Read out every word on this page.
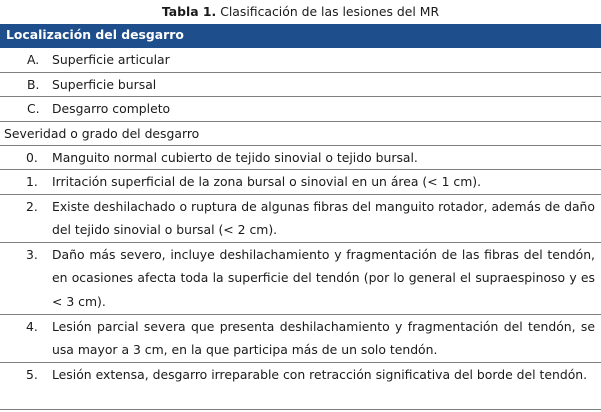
Tabla 1. Clasificación de las lesiones del MR
Localización del desgarro
A. Superficie articular
B. Superficie bursal
C. Desgarro completo
Severidad o grado del desgarro
0. Manguito normal cubierto de tejido sinovial o tejido bursal.
1. Irritación superficial de la zona bursal o sinovial en un área (< 1 cm).
2. Existe deshilachado o ruptura de algunas fibras del manguito rotador, además de daño del tejido sinovial o bursal (< 2 cm).
3. Daño más severo, incluye deshilachamiento y fragmentación de las fibras del tendón, en ocasiones afecta toda la superficie del tendón (por lo general el supraespinoso y es < 3 cm).
4. Lesión parcial severa que presenta deshilachamiento y fragmentación del tendón, se usa mayor a 3 cm, en la que participa más de un solo tendón.
5. Lesión extensa, desgarro irreparable con retracción significativa del borde del tendón.
